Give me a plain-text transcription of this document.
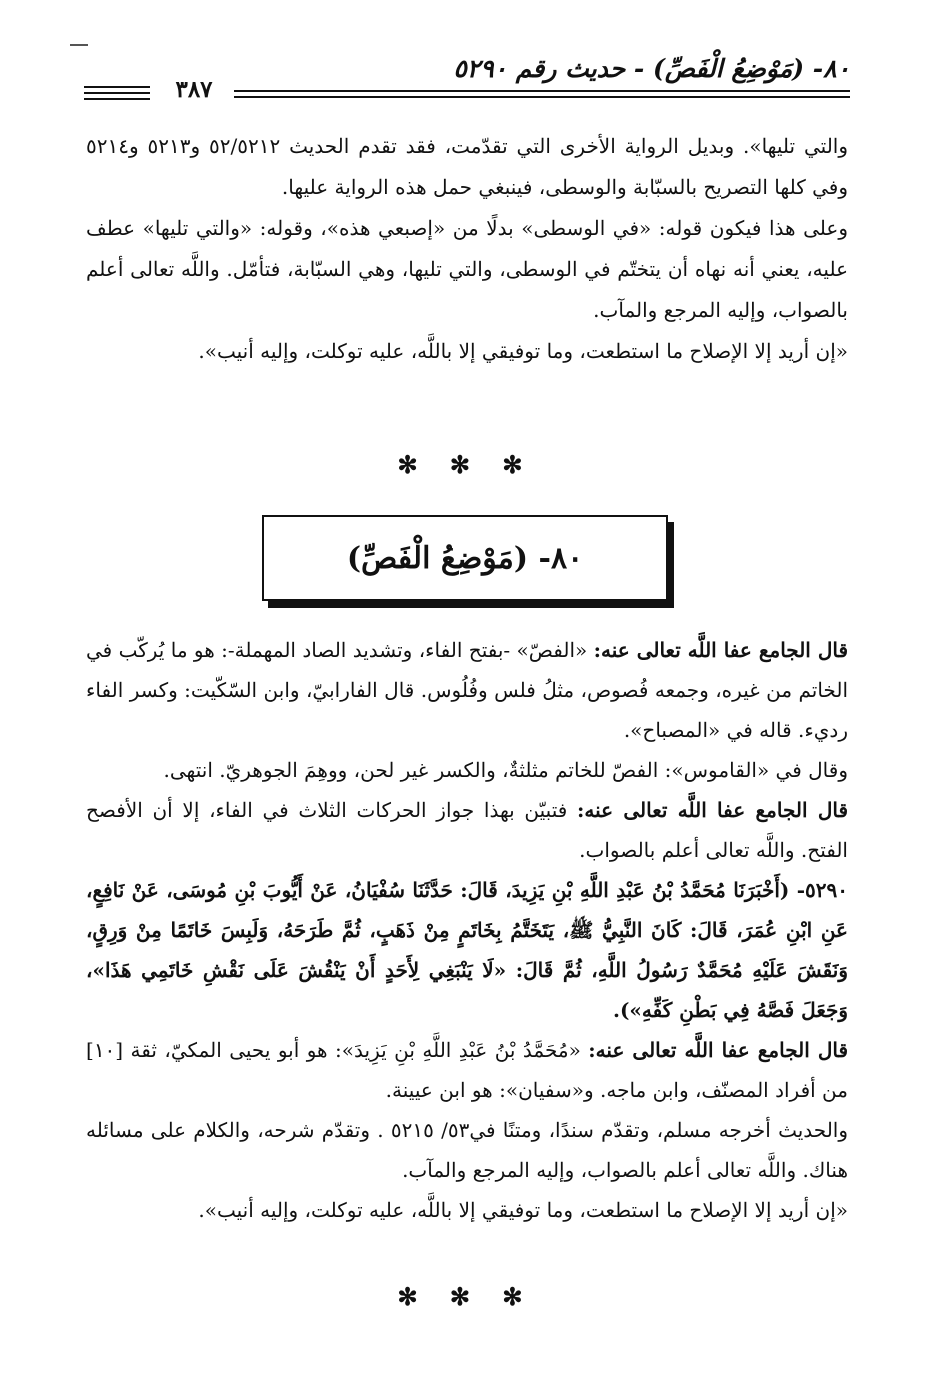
٨٠- (مَوْضِعُ الْفَصِّ) - حديث رقم ٥٢٩٠
٣٨٧

والتي تليها». وبديل الرواية الأخرى التي تقدّمت، فقد تقدم الحديث ٥٢/٥٢١٢ و٥٢١٣ و٥٢١٤ وفي كلها التصريح بالسبّابة والوسطى، فينبغي حمل هذه الرواية عليها.

وعلى هذا فيكون قوله: «في الوسطى» بدلًا من «إصبعي هذه»، وقوله: «والتي تليها» عطف عليه، يعني أنه نهاه أن يتختّم في الوسطى، والتي تليها، وهي السبّابة، فتأمّل. واللَّه تعالى أعلم بالصواب، وإليه المرجع والمآب.

«إن أريد إلا الإصلاح ما استطعت، وما توفيقي إلا باللَّه، عليه توكلت، وإليه أنيب».

✻ ✻ ✻
٨٠- (مَوْضِعُ الْفَصِّ)

قال الجامع عفا اللَّه تعالى عنه: «الفصّ» -بفتح الفاء، وتشديد الصاد المهملة-: هو ما يُركّب في الخاتم من غيره، وجمعه فُصوص، مثلُ فلس وفُلُوس. قال الفارابيّ، وابن السّكّيت: وكسر الفاء رديء. قاله في «المصباح».

وقال في «القاموس»: الفصّ للخاتم مثلثةٌ، والكسر غير لحن، ووهِمَ الجوهريّ. انتهى.

قال الجامع عفا اللَّه تعالى عنه: فتبيّن بهذا جواز الحركات الثلاث في الفاء، إلا أن الأفصح الفتح. واللَّه تعالى أعلم بالصواب.

٥٢٩٠- (أَخْبَرَنَا مُحَمَّدُ بْنُ عَبْدِ اللَّهِ بْنِ يَزِيدَ، قَالَ: حَدَّثَنَا سُفْيَانُ، عَنْ أَيُّوبَ بْنِ مُوسَى، عَنْ نَافِعٍ، عَنِ ابْنِ عُمَرَ، قَالَ: كَانَ النَّبِيُّ ﷺ، يَتَخَتَّمُ بِخَاتَمٍ مِنْ ذَهَبٍ، ثُمَّ طَرَحَهُ، وَلَبِسَ خَاتَمًا مِنْ وَرِقٍ، وَنَقَشَ عَلَيْهِ مُحَمَّدٌ رَسُولُ اللَّهِ، ثُمَّ قَالَ: «لَا يَنْبَغِي لِأَحَدٍ أَنْ يَنْقُشَ عَلَى نَقْشِ خَاتَمِي هَذَا»، وَجَعَلَ فَصَّهُ فِي بَطْنِ كَفِّهِ»).

قال الجامع عفا اللَّه تعالى عنه: «مُحَمَّدُ بْنُ عَبْدِ اللَّهِ بْنِ يَزِيدَ»: هو أبو يحيى المكيّ، ثقة [١٠] من أفراد المصنّف، وابن ماجه. و«سفيان»: هو ابن عيينة.

والحديث أخرجه مسلم، وتقدّم سندًا، ومتنًا في٥٣/ ٥٢١٥ . وتقدّم شرحه، والكلام على مسائله هناك. واللَّه تعالى أعلم بالصواب، وإليه المرجع والمآب.

«إن أريد إلا الإصلاح ما استطعت، وما توفيقي إلا باللَّه، عليه توكلت، وإليه أنيب».

✻ ✻ ✻
